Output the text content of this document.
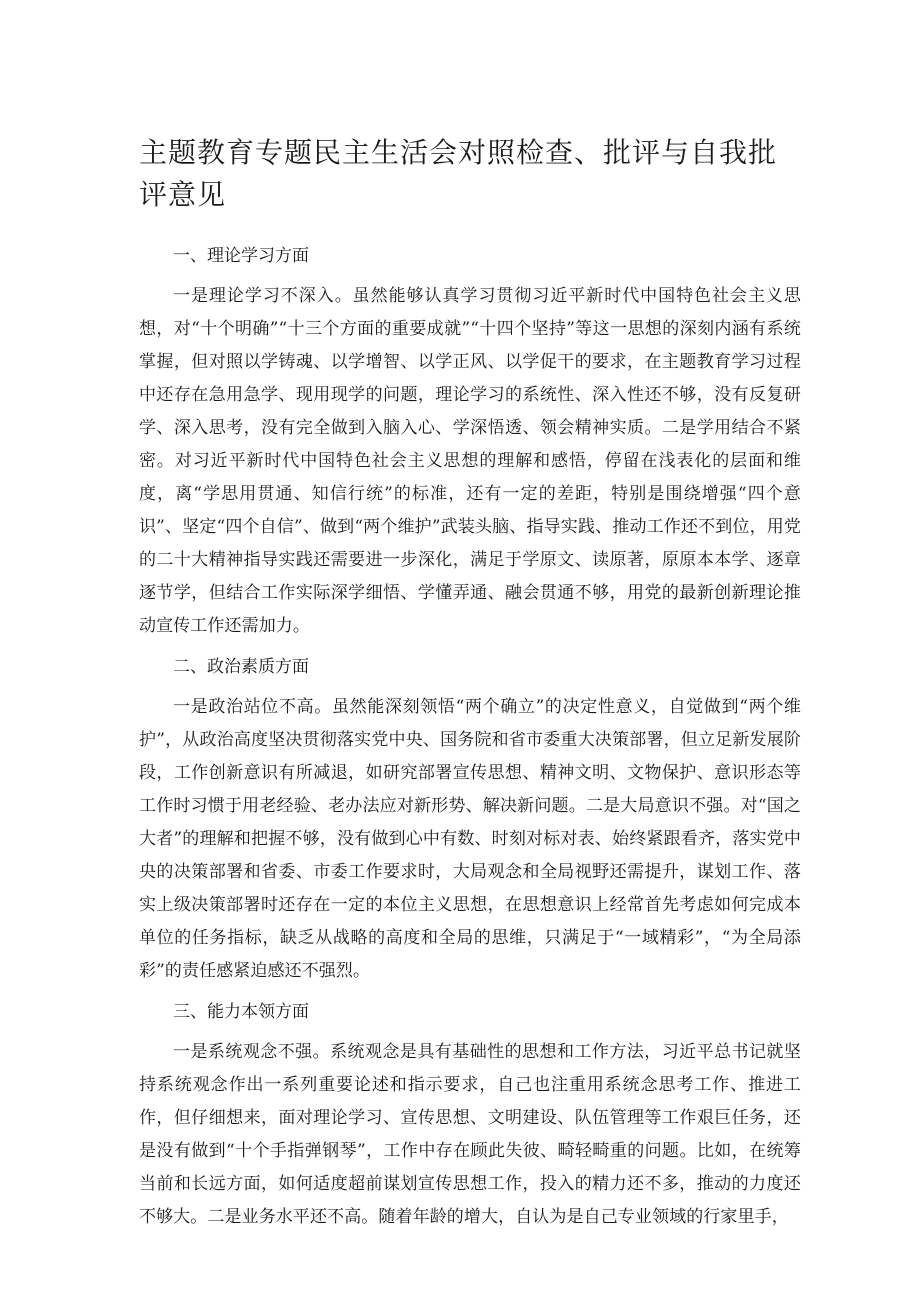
主题教育专题民主生活会对照检查、批评与自我批评意见

一、理论学习方面

一是理论学习不深入。虽然能够认真学习贯彻习近平新时代中国特色社会主义思想，对“十个明确”“十三个方面的重要成就”“十四个坚持”等这一思想的深刻内涵有系统掌握，但对照以学铸魂、以学增智、以学正风、以学促干的要求，在主题教育学习过程中还存在急用急学、现用现学的问题，理论学习的系统性、深入性还不够，没有反复研学、深入思考，没有完全做到入脑入心、学深悟透、领会精神实质。二是学用结合不紧密。对习近平新时代中国特色社会主义思想的理解和感悟，停留在浅表化的层面和维度，离“学思用贯通、知信行统”的标准，还有一定的差距，特别是围绕增强“四个意识”、坚定“四个自信”、做到“两个维护”武装头脑、指导实践、推动工作还不到位，用党的二十大精神指导实践还需要进一步深化，满足于学原文、读原著，原原本本学、逐章逐节学，但结合工作实际深学细悟、学懂弄通、融会贯通不够，用党的最新创新理论推动宣传工作还需加力。

二、政治素质方面

一是政治站位不高。虽然能深刻领悟“两个确立”的决定性意义，自觉做到“两个维护”，从政治高度坚决贯彻落实党中央、国务院和省市委重大决策部署，但立足新发展阶段，工作创新意识有所减退，如研究部署宣传思想、精神文明、文物保护、意识形态等工作时习惯于用老经验、老办法应对新形势、解决新问题。二是大局意识不强。对“国之大者”的理解和把握不够，没有做到心中有数、时刻对标对表、始终紧跟看齐，落实党中央的决策部署和省委、市委工作要求时，大局观念和全局视野还需提升，谋划工作、落实上级决策部署时还存在一定的本位主义思想，在思想意识上经常首先考虑如何完成本单位的任务指标，缺乏从战略的高度和全局的思维，只满足于“一域精彩”，“为全局添彩”的责任感紧迫感还不强烈。

三、能力本领方面

一是系统观念不强。系统观念是具有基础性的思想和工作方法，习近平总书记就坚持系统观念作出一系列重要论述和指示要求，自己也注重用系统念思考工作、推进工作，但仔细想来，面对理论学习、宣传思想、文明建设、队伍管理等工作艰巨任务，还是没有做到“十个手指弹钢琴”，工作中存在顾此失彼、畸轻畸重的问题。比如，在统筹当前和长远方面，如何适度超前谋划宣传思想工作，投入的精力还不多，推动的力度还不够大。二是业务水平还不高。随着年龄的增大，自认为是自己专业领域的行家里手，
